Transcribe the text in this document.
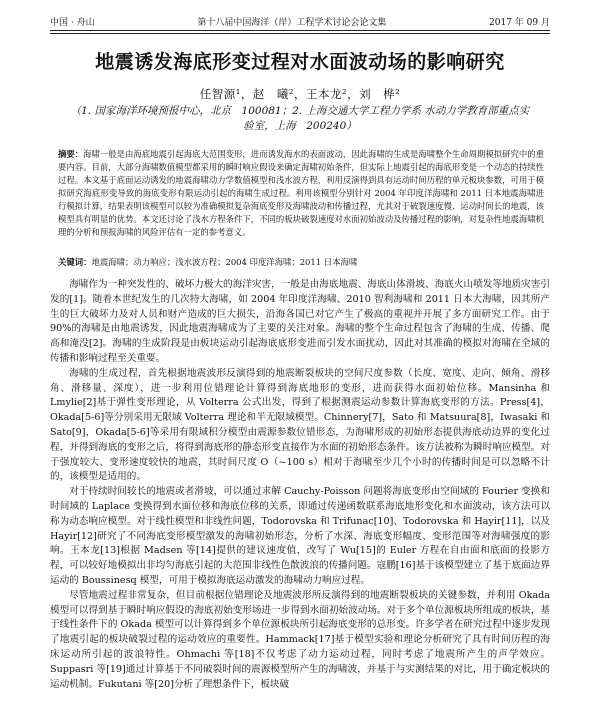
中国 · 舟山	第十八届中国海洋（岸）工程学术讨论会论文集	2017 年 09 月
地震诱发海底形变过程对水面波动场的影响研究
任智源¹，赵　曦²，王本龙²，刘　桦²
（1. 国家海洋环境预报中心，北京　100081；2. 上海交通大学工程力学系 水动力学教育部重点实验室，上海　200240）
摘要：海啸一般是由海底地震引起海底大范围变形，进而诱发海水的表面波动，因此海啸的生成是海啸整个生命周期模拟研究中的重要内容。目前，大部分海啸数值模型都采用的瞬时响应假设来确定海啸初始条件，但实际上地震引起的海底形变是一个动态的持续性过程。本文基于底面运动诱发的地震海啸动力学数值模型和浅水波方程，利用反演得到具有运动时间历程的单元板块参数，可用于模拟研究海底形变导致的海底变形有限运动引起的海啸生成过程。利用该模型分别针对 2004 年印度洋海啸和 2011 日本地震海啸进行模拟计算，结果表明该模型可以较为准确模拟复杂海底变形及海啸波动和传播过程，尤其对于破裂速度慢、运动时间长的地震，该模型具有明显的优势。本文还讨论了浅水方程条件下，不同的板块破裂速度对水面初始波动及传播过程的影响，对复杂性地震海啸机理的分析和预报海啸的风险评估有一定的参考意义。
关键词：地震海啸；动力响应；浅水波方程；2004 印度洋海啸；2011 日本海啸

海啸作为一种突发性的、破坏力极大的海洋灾害，一般是由海底地震、海底山体滑坡、海底火山喷发等地质灾害引发的[1]。随着本世纪发生的几次特大海啸，如 2004 年印度洋海啸、2010 智利海啸和 2011 日本大海啸，因其所产生的巨大破坏力及对人员和财产造成的巨大损失，沿海各国已对它产生了极高的重视并开展了多方面研究工作。由于 90%的海啸是由地震诱发，因此地震海啸成为了主要的关注对象。海啸的整个生命过程包含了海啸的生成、传播、爬高和淹没[2]。海啸的生成阶段是由板块运动引起海底底形变进而引发水面扰动，因此对其准确的模拟对海啸在全域的传播和影响过程至关重要。

海啸的生成过程，首先根据地震波形反演得到的地震断裂板块的空间尺度参数（长度、宽度、走向、倾角、滑移角、滑移量、深度），进一步利用位错理论计算得到海底地形的变形，进而获得水面初始位移。Mansinha 和 Lmylie[2]基于弹性变形理论，从 Volterra 公式出发，得到了根据测震运动参数计算海底变形的方法。Press[4]，Okada[5-6]等分别采用无限域 Volterra 理论和半无限域模型。Chinnery[7]，Sato 和 Matsuura[8]，Iwasaki 和 Sato[9]，Okada[5-6]等采用有限域积分模型由震源参数位错形态，为海啸形成的初始形态提供海底动边界的变化过程，并得到海底的变形之后，将得到海底形的静态形变直接作为水面的初始形态条件。该方法被称为瞬时响应模型。对于强度较大、变形速度较快的地震，其时间尺度 O（~100 s）相对于海啸至少几个小时的传播时间是可以忽略不计的，该模型是适用的。

对于持续时间较长的地震或者滑坡，可以通过求解 Cauchy-Poisson 问题将海底变形由空间域的 Fourier 变换和时间域的 Laplace 变换得到水面位移和海底位移的关系，即通过传递函数联系海底地形变化和水面波动，该方法可以称为动态响应模型。对于线性模型和非线性问题，Todorovska 和 Trifunac[10]、Todorovska 和 Hayir[11]，以及 Hayir[12]研究了不同海底变形模型激发的海啸初始形态，分析了水深、海底变形幅度、变形范围等对海啸强度的影响。王本龙[13]根据 Madsen 等[14]提供的建议速度值，改写了 Wu[15]的 Euler 方程在自由面和底面的投影方程，可以较好地模拟出非均匀海底引起的大范围非线性色散波浪的传播问题。寇鹏[16]基于该模型建立了基于底面边界运动的 Boussinesq 模型，可用于模拟海底运动激发的海啸动力响应过程。

尽管地震过程非常复杂，但目前根据位错理论及地震波形所反演得到的地震断裂板块的关键参数，并利用 Okada 模型可以得到基于瞬时响应假设的海底初始变形场进一步得到水面初始波动场。对于多个单位源板块所组成的板块，基于线性条件下的 Okada 模型可以计算得到多个单位源板块所引起海底变形的总形变。许多学者在研究过程中逐步发现了地震引起的板块破裂过程的运动效应的重要性。Hammack[17]基于模型实验和理论分析研究了具有时间历程的海床运动所引起的波浪特性。Ohmachi 等[18]不仅考虑了动力运动过程，同时考虑了地震所产生的声学效应。Suppasri 等[19]通过计算基于不同破裂时间的震源模型所产生的海啸波，并基于与实测结果的对比，用于确定板块的运动机制。Fukutani 等[20]分析了理想条件下，板块破
